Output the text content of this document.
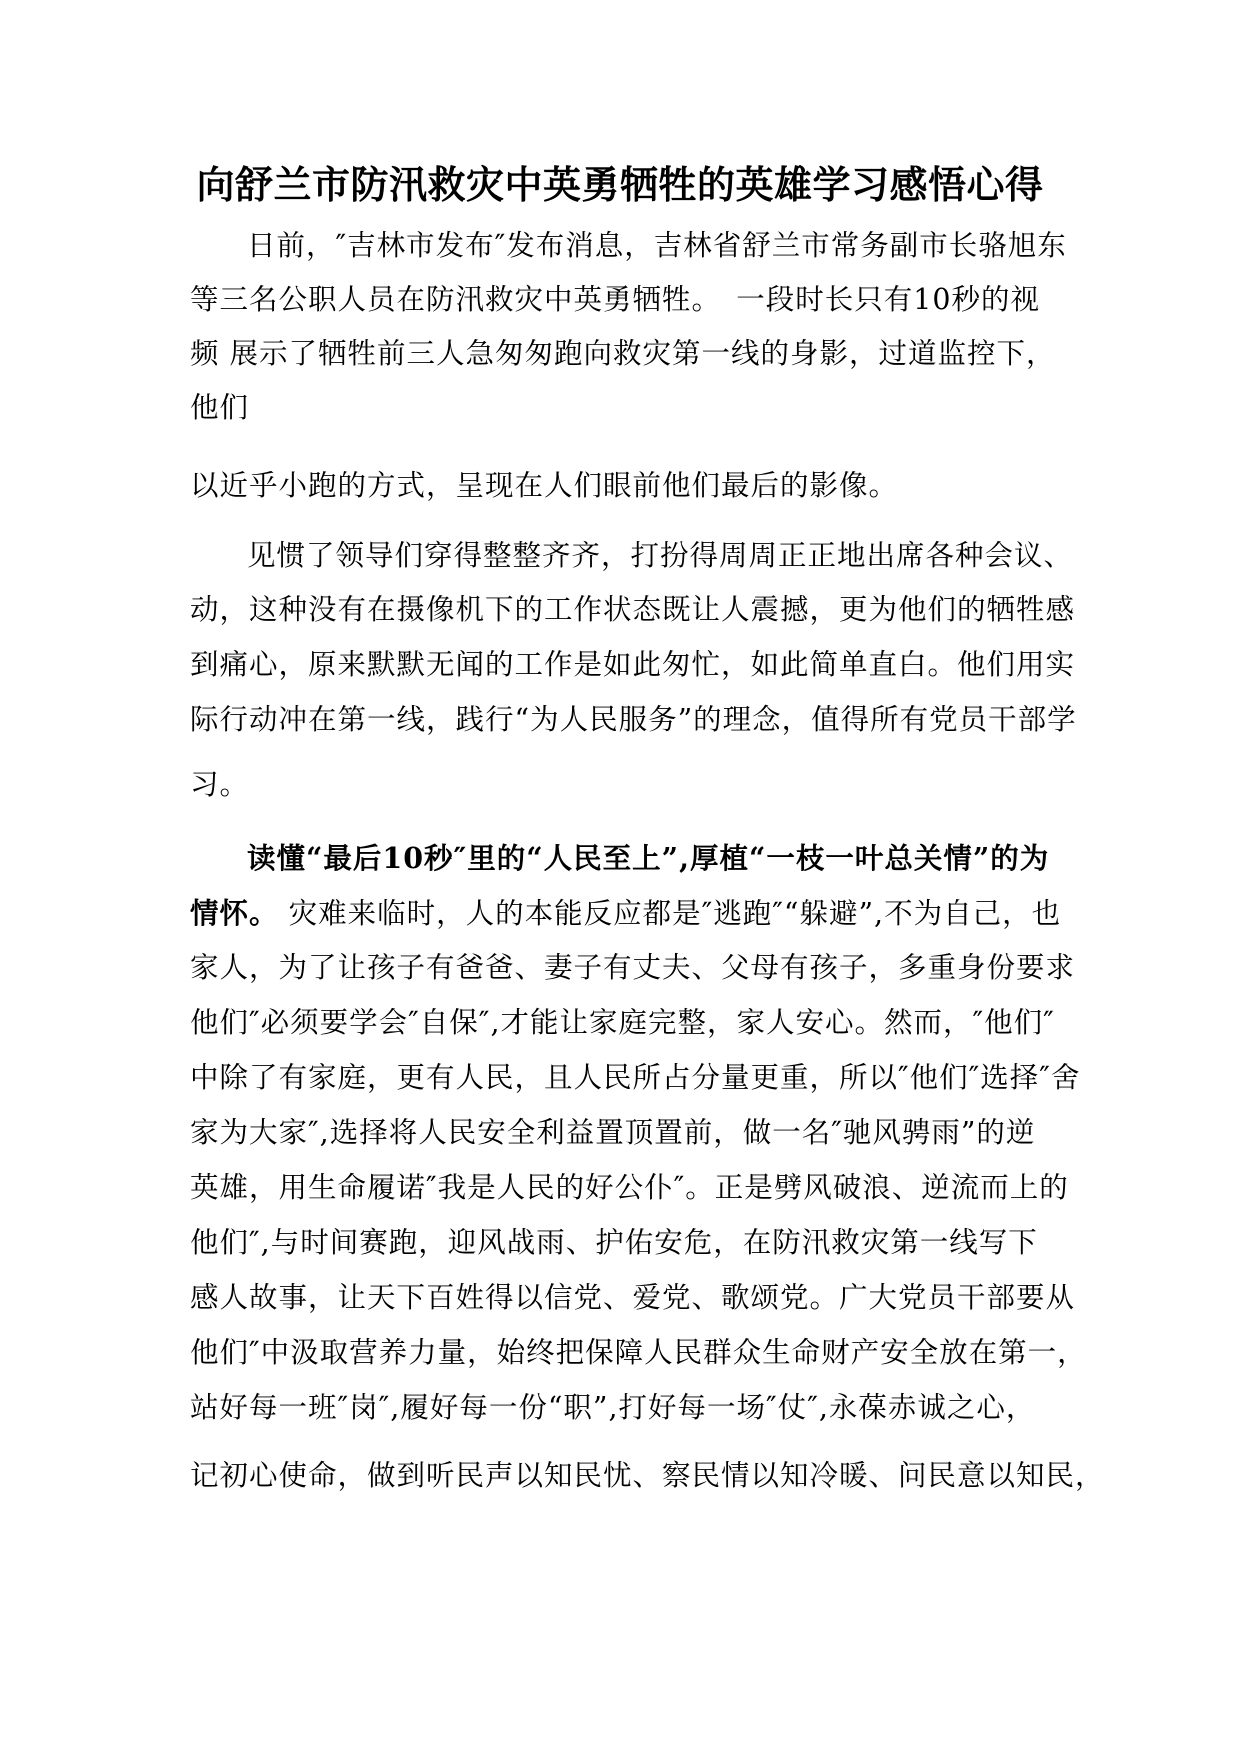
向舒兰市防汛救灾中英勇牺牲的英雄学习感悟心得
日前，″吉林市发布″发布消息，吉林省舒兰市常务副市长骆旭东
等三名公职人员在防汛救灾中英勇牺牲。　一段时长只有10秒的视
频 展示了牺牲前三人急匆匆跑向救灾第一线的身影，过道监控下，
他们
以近乎小跑的方式，呈现在人们眼前他们最后的影像。
见惯了领导们穿得整整齐齐，打扮得周周正正地出席各种会议、
动，这种没有在摄像机下的工作状态既让人震撼，更为他们的牺牲感
到痛心，原来默默无闻的工作是如此匆忙，如此简单直白。他们用实
际行动冲在第一线，践行“为人民服务”的理念，值得所有党员干部学
习。
读懂“最后10秒″里的“人民至上”,厚植“一枝一叶总关情”的为
情怀。 灾难来临时，人的本能反应都是″逃跑″“躲避”,不为自己，也
家人，为了让孩子有爸爸、妻子有丈夫、父母有孩子，多重身份要求
他们″必须要学会″自保″,才能让家庭完整，家人安心。然而，″他们″
中除了有家庭，更有人民，且人民所占分量更重，所以″他们″选择″舍
家为大家″,选择将人民安全利益置顶置前，做一名″驰风骋雨”的逆
英雄，用生命履诺″我是人民的好公仆″。正是劈风破浪、逆流而上的
他们″,与时间赛跑，迎风战雨、护佑安危，在防汛救灾第一线写下
感人故事，让天下百姓得以信党、爱党、歌颂党。广大党员干部要从
他们″中汲取营养力量，始终把保障人民群众生命财产安全放在第一，
站好每一班″岗″,履好每一份“职”,打好每一场″仗″,永葆赤诚之心，
记初心使命，做到听民声以知民忧、察民情以知冷暖、问民意以知民，
